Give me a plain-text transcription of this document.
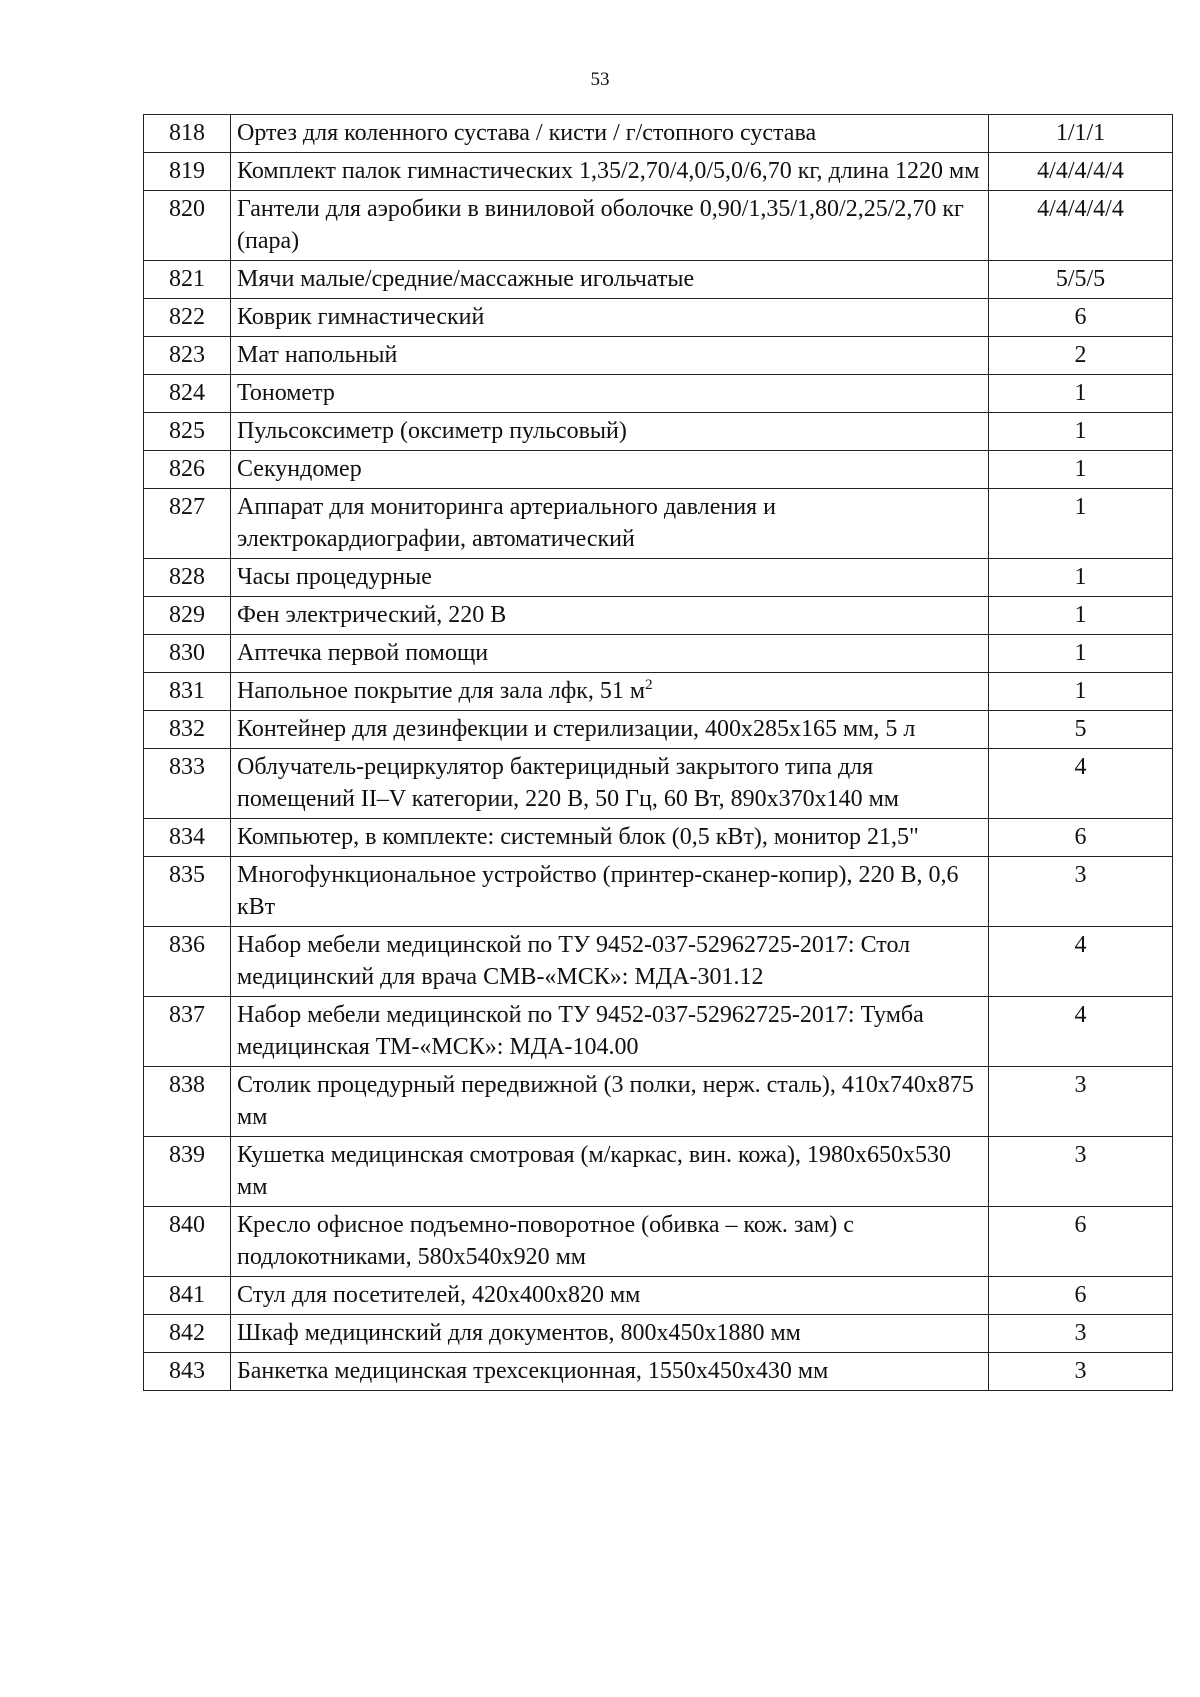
53
818	Ортез для коленного сустава / кисти / г/стопного сустава	1/1/1
819	Комплект палок гимнастических 1,35/2,70/4,0/5,0/6,70 кг, длина 1220 мм	4/4/4/4/4
820	Гантели для аэробики в виниловой оболочке 0,90/1,35/1,80/2,25/2,70 кг (пара)	4/4/4/4/4
821	Мячи малые/средние/массажные игольчатые	5/5/5
822	Коврик гимнастический	6
823	Мат напольный	2
824	Тонометр	1
825	Пульсоксиметр (оксиметр пульсовый)	1
826	Секундомер	1
827	Аппарат для мониторинга артериального давления и электрокардиографии, автоматический	1
828	Часы процедурные	1
829	Фен электрический, 220 В	1
830	Аптечка первой помощи	1
831	Напольное покрытие для зала лфк, 51 $м^2$	1
832	Контейнер для дезинфекции и стерилизации, 400х285х165 мм, 5 л	5
833	Облучатель-рециркулятор бактерицидный закрытого типа для помещений II–V категории, 220 В, 50 Гц, 60 Вт, 890х370х140 мм	4
834	Компьютер, в комплекте: системный блок (0,5 кВт), монитор 21,5"	6
835	Многофункциональное устройство (принтер-сканер-копир), 220 В, 0,6 кВт	3
836	Набор мебели медицинской по ТУ 9452-037-52962725-2017: Стол медицинский для врача СМВ-«МСК»: МДА-301.12	4
837	Набор мебели медицинской по ТУ 9452-037-52962725-2017: Тумба медицинская ТМ-«МСК»: МДА-104.00	4
838	Столик процедурный передвижной (3 полки, нерж. сталь), 410х740х875 мм	3
839	Кушетка медицинская смотровая (м/каркас, вин. кожа), 1980х650х530 мм	3
840	Кресло офисное подъемно-поворотное (обивка – кож. зам) с подлокотниками, 580х540х920 мм	6
841	Стул для посетителей, 420х400х820 мм	6
842	Шкаф медицинский для документов, 800х450х1880 мм	3
843	Банкетка медицинская трехсекционная, 1550х450х430 мм	3
